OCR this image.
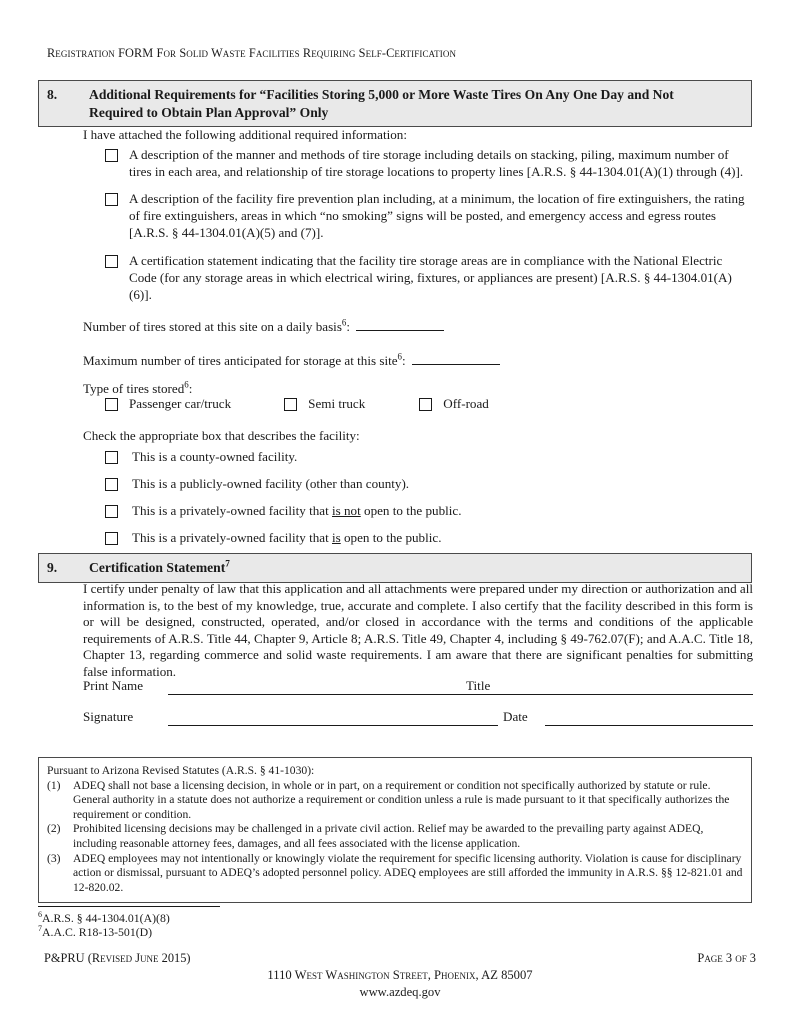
Registration FORM For Solid Waste Facilities Requiring Self-Certification
8.	Additional Requirements for “Facilities Storing 5,000 or More Waste Tires On Any One Day and Not
Required to Obtain Plan Approval” Only
I have attached the following additional required information:
A description of the manner and methods of tire storage including details on stacking, piling, maximum number of tires in each area, and relationship of tire storage locations to property lines [A.R.S. § 44-1304.01(A)(1) through (4)].
A description of the facility fire prevention plan including, at a minimum, the location of fire extinguishers, the rating of fire extinguishers, areas in which “no smoking” signs will be posted, and emergency access and egress routes [A.R.S. § 44-1304.01(A)(5) and (7)].
A certification statement indicating that the facility tire storage areas are in compliance with the National Electric Code (for any storage areas in which electrical wiring, fixtures, or appliances are present) [A.R.S. § 44-1304.01(A)(6)].
Number of tires stored at this site on a daily basis$^6$:
Maximum number of tires anticipated for storage at this site$^6$:
Type of tires stored$^6$:
Passenger car/truck	Semi truck	Off-road
Check the appropriate box that describes the facility:
This is a county-owned facility.
This is a publicly-owned facility (other than county).
This is a privately-owned facility that is not open to the public.
This is a privately-owned facility that is open to the public.
9.	Certification Statement$^7$
I certify under penalty of law that this application and all attachments were prepared under my direction or authorization and all information is, to the best of my knowledge, true, accurate and complete. I also certify that the facility described in this form is or will be designed, constructed, operated, and/or closed in accordance with the terms and conditions of the applicable requirements of A.R.S. Title 44, Chapter 9, Article 8; A.R.S. Title 49, Chapter 4, including § 49-762.07(F); and A.A.C. Title 18, Chapter 13, regarding commerce and solid waste requirements. I am aware that there are significant penalties for submitting false information.
Print Name	Title
Signature	Date
Pursuant to Arizona Revised Statutes (A.R.S. § 41-1030):
(1)	ADEQ shall not base a licensing decision, in whole or in part, on a requirement or condition not specifically authorized by statute or rule. General authority in a statute does not authorize a requirement or condition unless a rule is made pursuant to it that specifically authorizes the requirement or condition.
(2)	Prohibited licensing decisions may be challenged in a private civil action. Relief may be awarded to the prevailing party against ADEQ, including reasonable attorney fees, damages, and all fees associated with the license application.
(3)	ADEQ employees may not intentionally or knowingly violate the requirement for specific licensing authority. Violation is cause for disciplinary action or dismissal, pursuant to ADEQ’s adopted personnel policy. ADEQ employees are still afforded the immunity in A.R.S. §§ 12-821.01 and 12-820.02.
$^6$A.R.S. § 44-1304.01(A)(8)
$^7$A.A.C. R18-13-501(D)
P&PRU (Revised June 2015)	Page 3 of 3
1110 West Washington Street, Phoenix, AZ 85007
www.azdeq.gov
